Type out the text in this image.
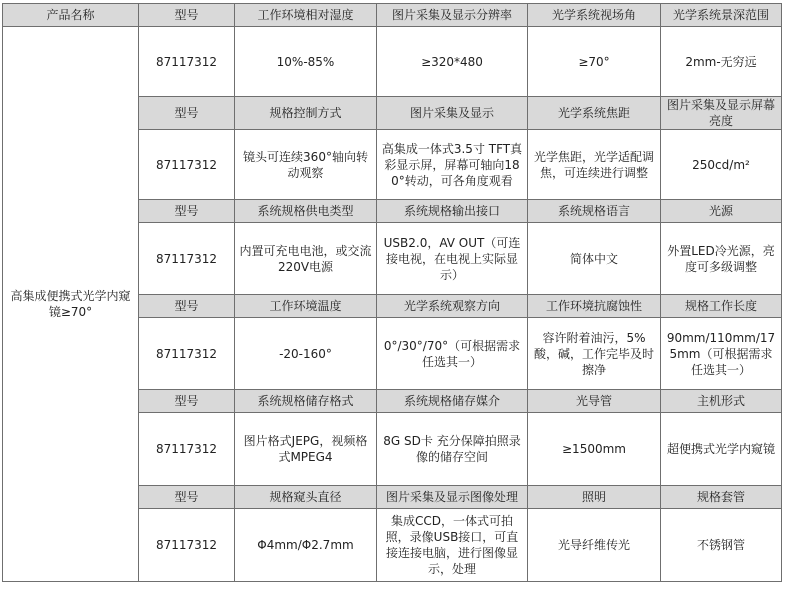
产品名称	型号	工作环境相对湿度	图片采集及显示分辨率	光学系统视场角	光学系统景深范围
高集成便携式光学内窥镜≥70°	87117312	10%-85%	≥320*480	≥70°	2mm-无穷远
	型号	规格控制方式	图片采集及显示	光学系统焦距	图片采集及显示屏幕亮度
	87117312	镜头可连续360°轴向转动观察	高集成一体式3.5寸 TFT真彩显示屏，屏幕可轴向180°转动，可各角度观看	光学焦距，光学适配调焦，可连续进行调整	250cd/m²
	型号	系统规格供电类型	系统规格输出接口	系统规格语言	光源
	87117312	内置可充电电池，或交流220V电源	USB2.0，AV OUT（可连接电视，在电视上实际显示）	简体中文	外置LED冷光源，亮度可多级调整
	型号	工作环境温度	光学系统观察方向	工作环境抗腐蚀性	规格工作长度
	87117312	-20-160°	0°/30°/70°（可根据需求任选其一）	容许附着油污，5%酸，碱，工作完毕及时擦净	90mm/110mm/175mm（可根据需求任选其一）
	型号	系统规格储存格式	系统规格储存媒介	光导管	主机形式
	87117312	图片格式JEPG，视频格式MPEG4	8G SD卡 充分保障拍照录像的储存空间	≥1500mm	超便携式光学内窥镜
	型号	规格窥头直径	图片采集及显示图像处理	照明	规格套管
	87117312	Φ4mm/Φ2.7mm	集成CCD，一体式可拍照，录像USB接口，可直接连接电脑，进行图像显示，处理	光导纤维传光	不锈钢管
